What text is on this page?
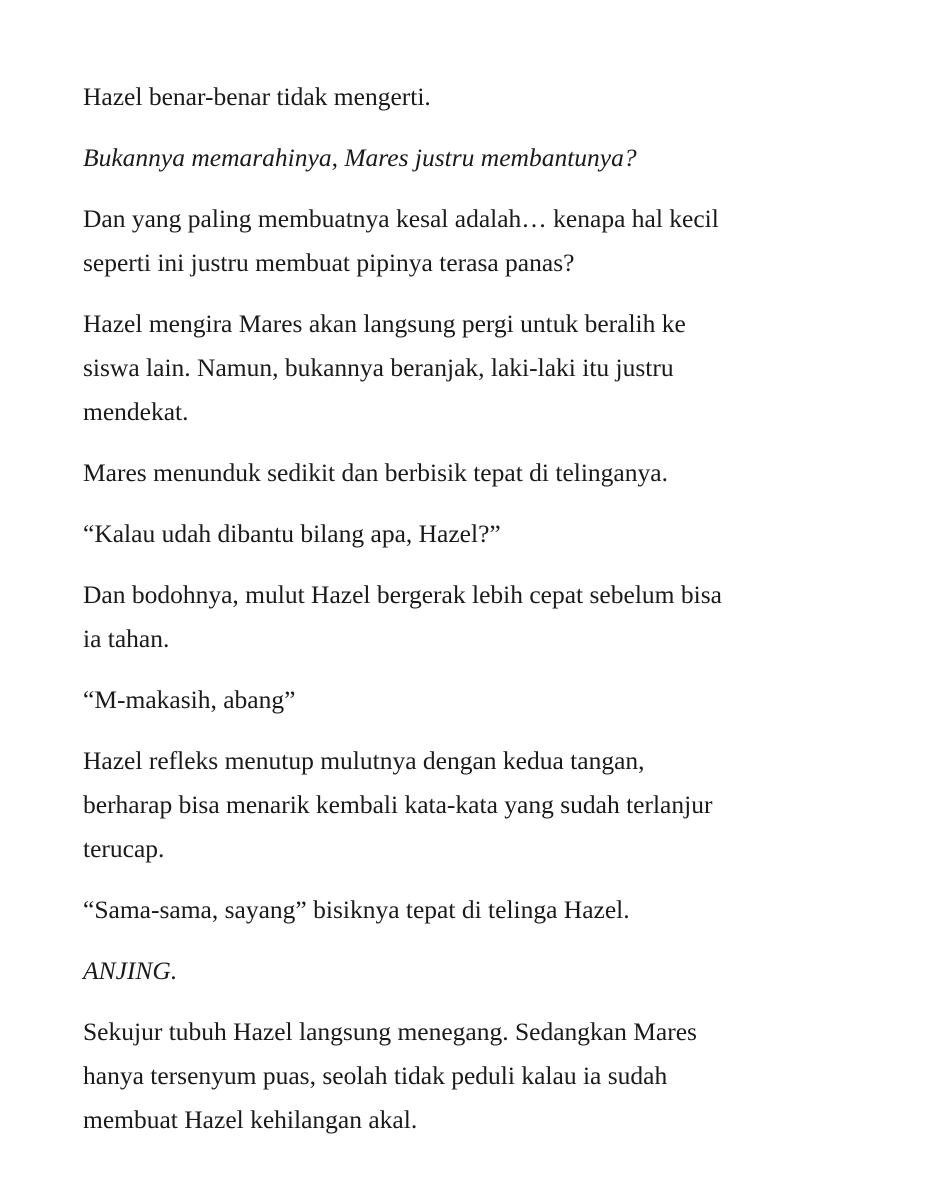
Hazel benar-benar tidak mengerti.

Bukannya memarahinya, Mares justru membantunya?

Dan yang paling membuatnya kesal adalah… kenapa hal kecil
seperti ini justru membuat pipinya terasa panas?

Hazel mengira Mares akan langsung pergi untuk beralih ke
siswa lain. Namun, bukannya beranjak, laki-laki itu justru
mendekat.

Mares menunduk sedikit dan berbisik tepat di telinganya.

“Kalau udah dibantu bilang apa, Hazel?”

Dan bodohnya, mulut Hazel bergerak lebih cepat sebelum bisa
ia tahan.

“M-makasih, abang”

Hazel refleks menutup mulutnya dengan kedua tangan,
berharap bisa menarik kembali kata-kata yang sudah terlanjur
terucap.

“Sama-sama, sayang” bisiknya tepat di telinga Hazel.

ANJING.

Sekujur tubuh Hazel langsung menegang. Sedangkan Mares
hanya tersenyum puas, seolah tidak peduli kalau ia sudah
membuat Hazel kehilangan akal.
